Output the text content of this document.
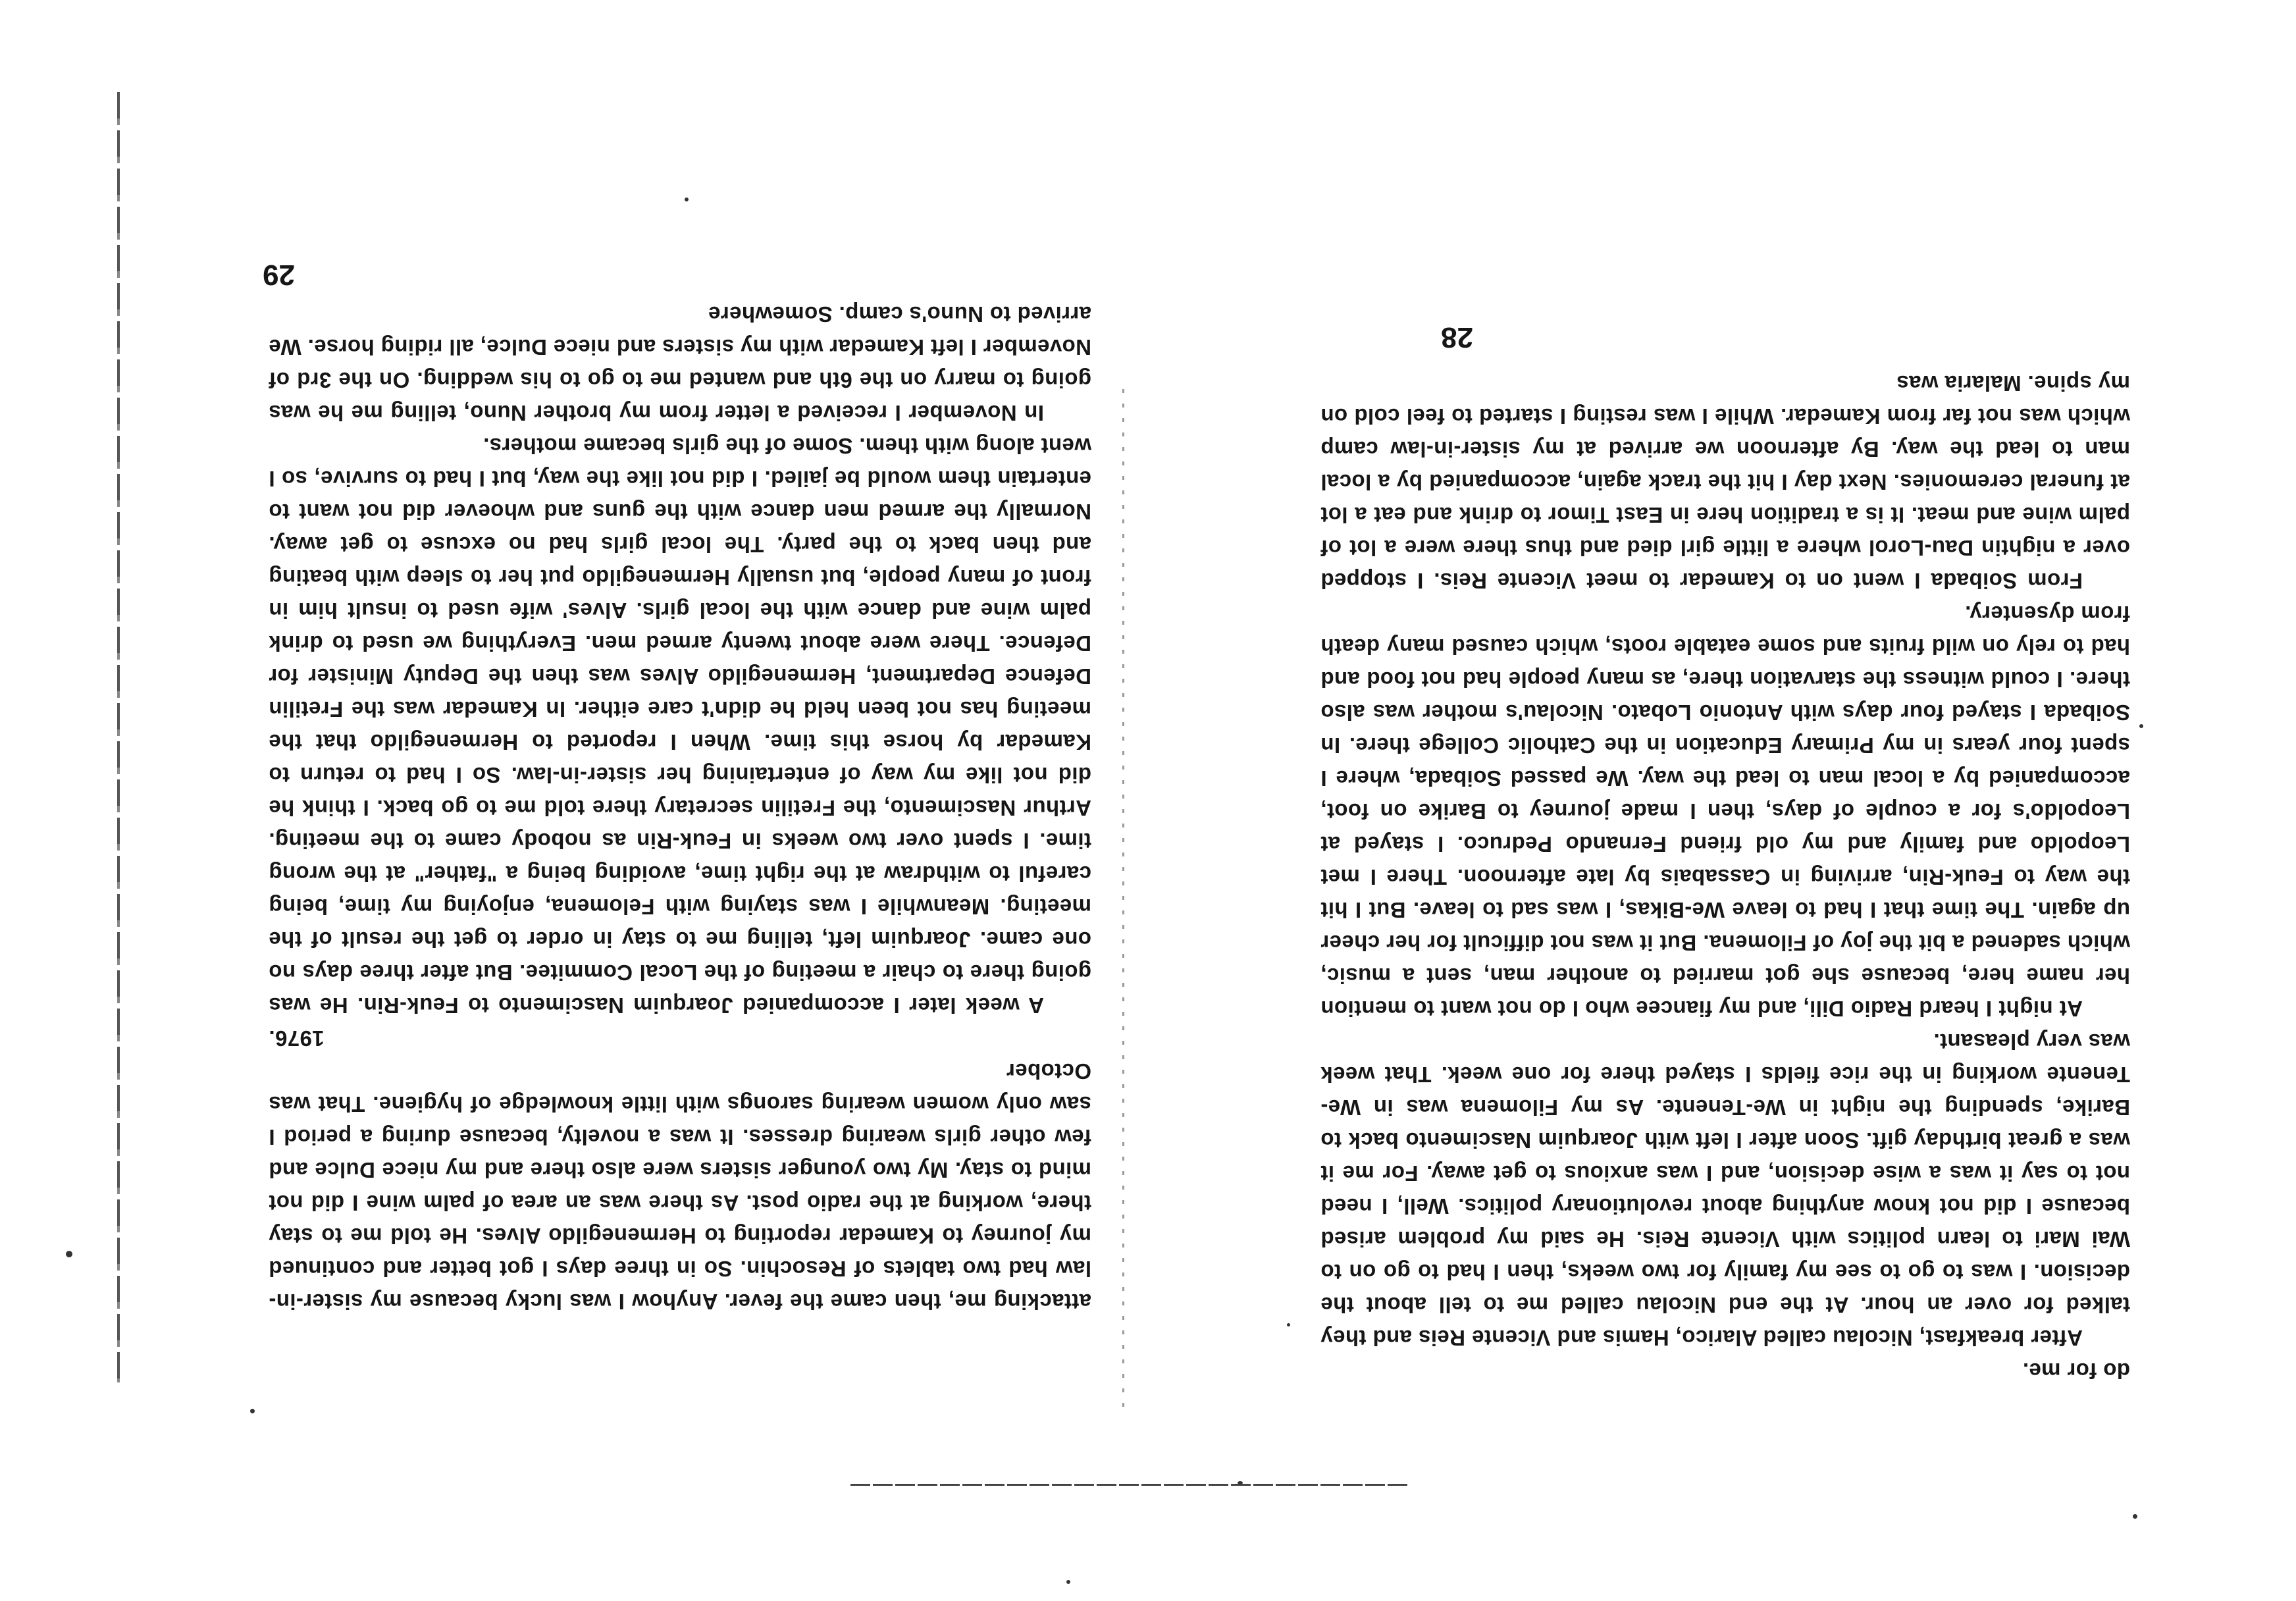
do for me.

After breakfast, Nicolau called Alarico, Hamis and Vicente Reis and they talked for over an hour. At the end Nicolau called me to tell about the decision. I was to go to see my family for two weeks, then I had to go on to Wai Mari to learn politics with Vicente Reis. He said my problem arised because I did not know anything about revolutionary politics. Well, I need not to say it was a wise decision, and I was anxious to get away. For me it was a great birthday gift. Soon after I left with Joarquim Nascimento back to Barike, spending the night in We-Tenente. As my Filomena was in We-Tenente working in the rice fields I stayed there for one week. That week was very pleasant.

At night I heard Radio Dili, and my fiancee who I do not want to mention her name here, because she got married to another man, sent a music, which sadened a bit the joy of Filomena. But it was not difficult for her cheer up again. The time that I had to leave We-Bikas, I was sad to leave. But I hit the way to Feuk-Rin, arriving in Cassabais by late afternoon. There I met Leopoldo and family and my old friend Fernando Pedruco. I stayed at Leopoldo's for a couple of days, then I made journey to Barike on foot, accompanied by a local man to lead the way. We passed Soibada, where I spent four years in my Primary Education in the Catholic College there. In Soibada I stayed four days with Antonio Lobato. Nicolau's mother was also there. I could witness the starvation there, as many people had not food and had to rely on wild fruits and some eatable roots, which caused many death from dysentery.

From Soibada I went on to Kamedar to meet Vicente Reis. I stopped over a nightin Dau-Lorol where a little girl died and thus there were a lot of palm wine and meat. It is a tradition here in East Timor to drink and eat a lot at funeral ceremonies. Next day I hit the track again, accompanied by a local man to lead the way. By afternoon we arrived at my sister-in-law camp which was not far from Kamedar. While I was resting I started to feel cold on my spine. Malaria was

28

attacking me, then came the fever. Anyhow I was lucky because my sister-in-law had two tablets of Resochin. So in three days I got better and continued my journey to Kamedar reporting to Hermenegildo Alves. He told me to stay there, working at the radio post. As there was an area of palm wine I did not mind to stay. My two younger sisters were also there and my niece Dulce and few other girls wearing dresses. It was a novelty, because during a period I saw only women wearing sarongs with little knowledge of hygiene. That was October

1976.

A week later I accompanied Joarquim Nascimento to Feuk-Rin. He was going there to chair a meeting of the Local Commitee. But after three days no one came. Joarquim left, telling me to stay in order to get the result of the meeting. Meanwhile I was staying with Felomena, enjoying my time, being careful to withdraw at the right time, avoiding being a "father" at the wrong time. I spent over two weeks in Feuk-Rin as nobody came to the meeting. Arthur Nascimento, the Fretilin secretary there told me to go back. I think he did not like my way of entertaining her sister-in-law. So I had to return to Kamedar by horse this time. When I reported to Hermenegildo that the meeting has not been held he didn't care either. In Kamedar was the Fretilin Defence Department, Hermenegildo Alves was then the Deputy Minister for Defence. There were about twenty armed men. Everything we used to drink palm wine and dance with the local girls. Alves' wife used to insult him in front of many people, but usually Hermenegildo put her to sleep with beating and then back to the party. The local girls had no excuse to get away. Normally the armed men dance with the guns and whoever did not want to entertain them would be jailed. I did not like the way, but I had to survive, so I went along with them. Some of the girls became mothers.

In November I received a letter from my brother Nuno, telling me he was going to marry on the 6th and wanted me to go to his wedding. On the 3rd of November I left Kamedar with my sisters and niece Dulce, all riding horse. We arrived to Nuno's camp. Somewhere

29
